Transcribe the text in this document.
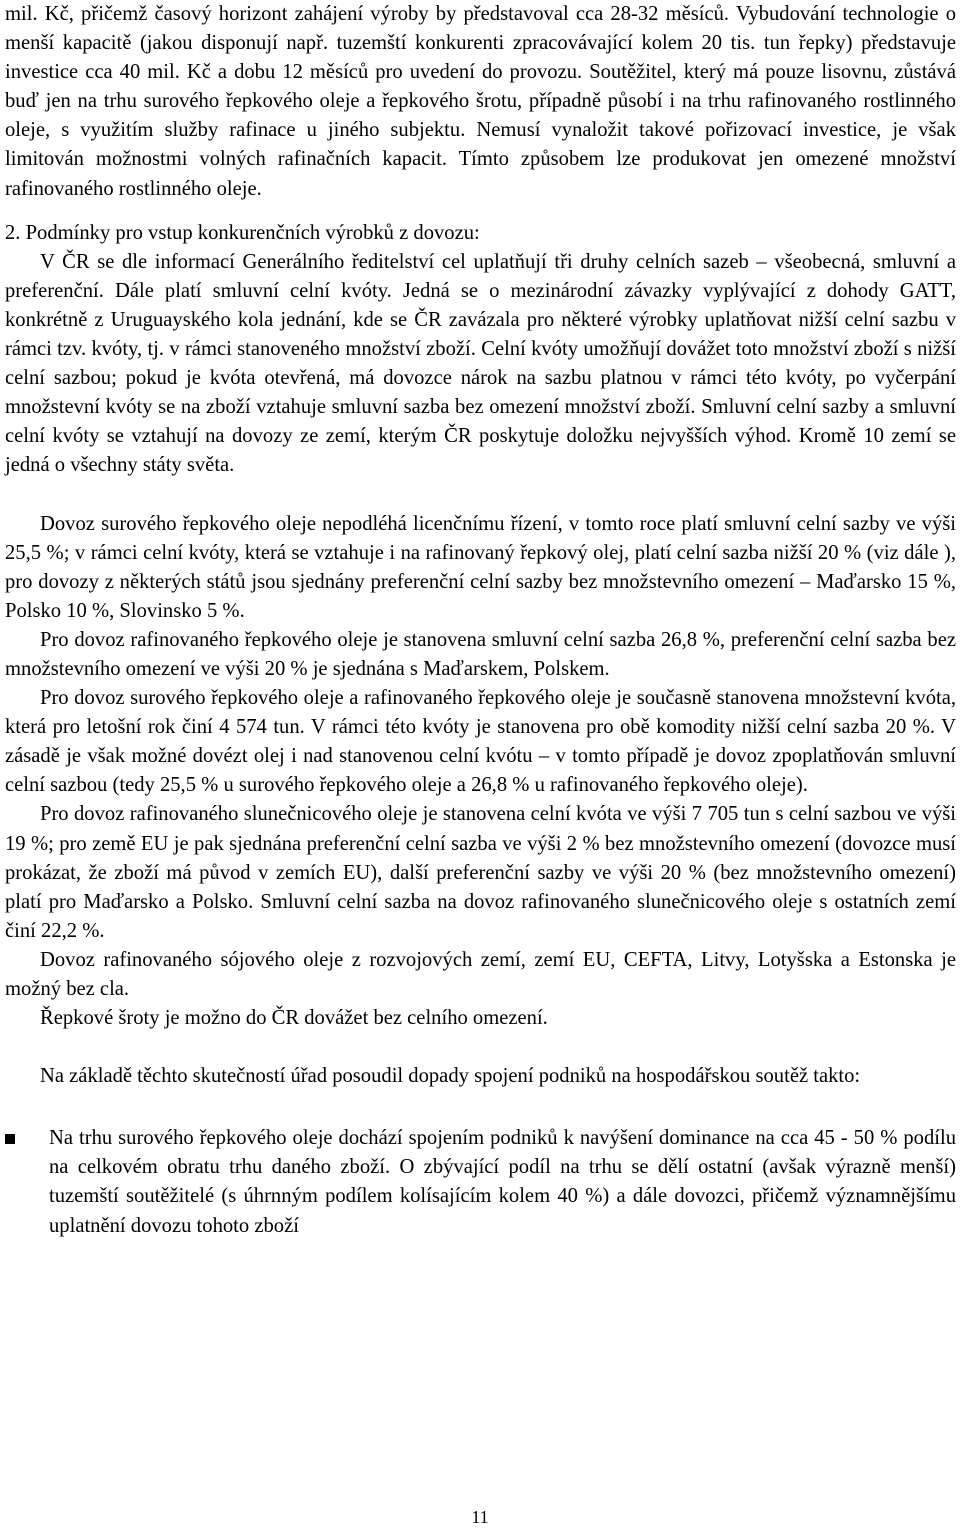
mil. Kč, přičemž časový horizont zahájení výroby by představoval cca 28-32 měsíců. Vybudování technologie o menší kapacitě (jakou disponují např. tuzemští konkurenti zpracovávající kolem 20 tis. tun řepky) představuje investice cca 40 mil. Kč a dobu 12 měsíců pro uvedení do provozu. Soutěžitel, který má pouze lisovnu, zůstává buď jen na trhu surového řepkového oleje a řepkového šrotu, případně působí i na trhu rafinovaného rostlinného oleje, s využitím služby rafinace u jiného subjektu. Nemusí vynaložit takové pořizovací investice, je však limitován možnostmi volných rafinačních kapacit. Tímto způsobem lze produkovat jen omezené množství rafinovaného rostlinného oleje.

2. Podmínky pro vstup konkurenčních výrobků z dovozu:

V ČR se dle informací Generálního ředitelství cel uplatňují tři druhy celních sazeb – všeobecná, smluvní a preferenční. Dále platí smluvní celní kvóty. Jedná se o mezinárodní závazky vyplývající z dohody GATT, konkrétně z Uruguayského kola jednání, kde se ČR zavázala pro některé výrobky uplatňovat nižší celní sazbu v rámci tzv. kvóty, tj. v rámci stanoveného množství zboží. Celní kvóty umožňují dovážet toto množství zboží s nižší celní sazbou; pokud je kvóta otevřená, má dovozce nárok na sazbu platnou v rámci této kvóty, po vyčerpání množstevní kvóty se na zboží vztahuje smluvní sazba bez omezení množství zboží. Smluvní celní sazby a smluvní celní kvóty se vztahují na dovozy ze zemí, kterým ČR poskytuje doložku nejvyšších výhod. Kromě 10 zemí se jedná o všechny státy světa.

Dovoz surového řepkového oleje nepodléhá licenčnímu řízení, v tomto roce platí smluvní celní sazby ve výši 25,5 %; v rámci celní kvóty, která se vztahuje i na rafinovaný řepkový olej, platí celní sazba nižší 20 % (viz dále ), pro dovozy z některých států jsou sjednány preferenční celní sazby bez množstevního omezení – Maďarsko 15 %, Polsko 10 %, Slovinsko 5 %.

Pro dovoz rafinovaného řepkového oleje je stanovena smluvní celní sazba 26,8 %, preferenční celní sazba bez množstevního omezení ve výši 20 % je sjednána s Maďarskem, Polskem.

Pro dovoz surového řepkového oleje a rafinovaného řepkového oleje je současně stanovena množstevní kvóta, která pro letošní rok činí 4 574 tun. V rámci této kvóty je stanovena pro obě komodity nižší celní sazba 20 %. V zásadě je však možné dovézt olej i nad stanovenou celní kvótu – v tomto případě je dovoz zpoplatňován smluvní celní sazbou (tedy 25,5 % u surového řepkového oleje a 26,8 % u rafinovaného řepkového oleje).

Pro dovoz rafinovaného slunečnicového oleje je stanovena celní kvóta ve výši 7 705 tun s celní sazbou ve výši 19 %; pro země EU je pak sjednána preferenční celní sazba ve výši 2 % bez množstevního omezení (dovozce musí prokázat, že zboží má původ v zemích EU), další preferenční sazby ve výši 20 % (bez množstevního omezení) platí pro Maďarsko a Polsko. Smluvní celní sazba na dovoz rafinovaného slunečnicového oleje s ostatních zemí činí 22,2 %.

Dovoz rafinovaného sójového oleje z rozvojových zemí, zemí EU, CEFTA, Litvy, Lotyšska a Estonska je možný bez cla.

Řepkové šroty je možno do ČR dovážet bez celního omezení.

Na základě těchto skutečností úřad posoudil dopady spojení podniků na hospodářskou soutěž takto:

Na trhu surového řepkového oleje dochází spojením podniků k navýšení dominance na cca 45 - 50 % podílu na celkovém obratu trhu daného zboží. O zbývající podíl na trhu se dělí ostatní (avšak výrazně menší) tuzemští soutěžitelé (s úhrnným podílem kolísajícím kolem 40 %) a dále dovozci, přičemž významnějšímu uplatnění dovozu tohoto zboží

11
